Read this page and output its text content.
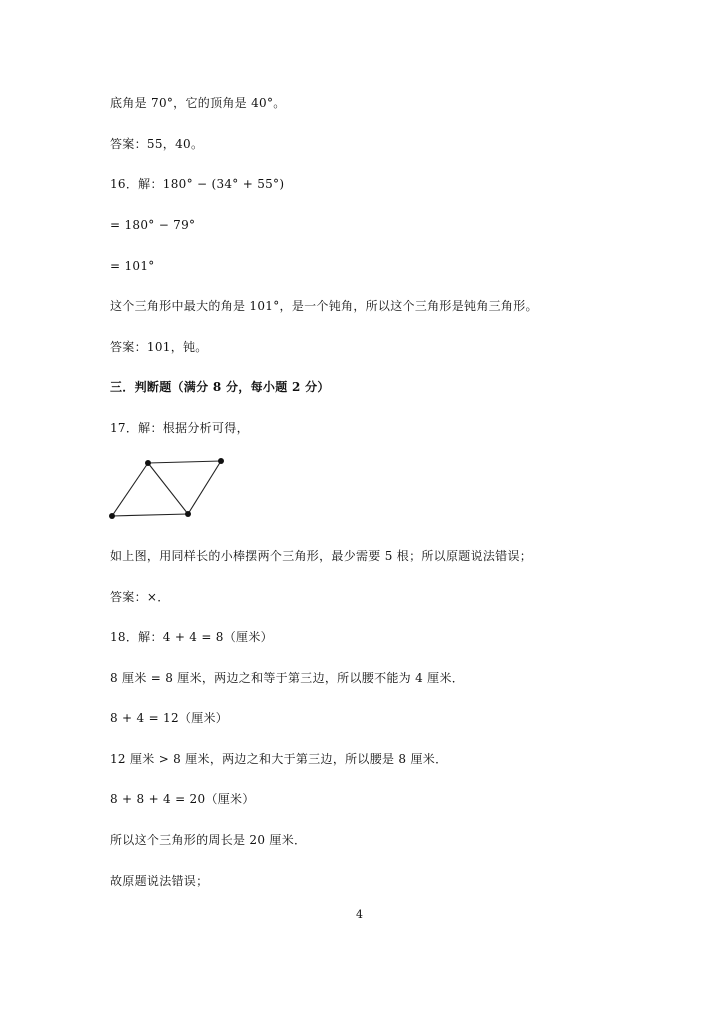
底角是 70°，它的顶角是 40°。
答案：55，40。
16．解：180° − (34° + 55°)
= 180° − 79°
= 101°
这个三角形中最大的角是 101°，是一个钝角，所以这个三角形是钝角三角形。
答案：101，钝。
三．判断题（满分 8 分，每小题 2 分）
17．解：根据分析可得，
如上图，用同样长的小棒摆两个三角形，最少需要 5 根；所以原题说法错误；
答案：×．
18．解：4 + 4 = 8（厘米）
8 厘米 = 8 厘米，两边之和等于第三边，所以腰不能为 4 厘米．
8 + 4 = 12（厘米）
12 厘米 > 8 厘米，两边之和大于第三边，所以腰是 8 厘米．
8 + 8 + 4 = 20（厘米）
所以这个三角形的周长是 20 厘米．
故原题说法错误；
4
